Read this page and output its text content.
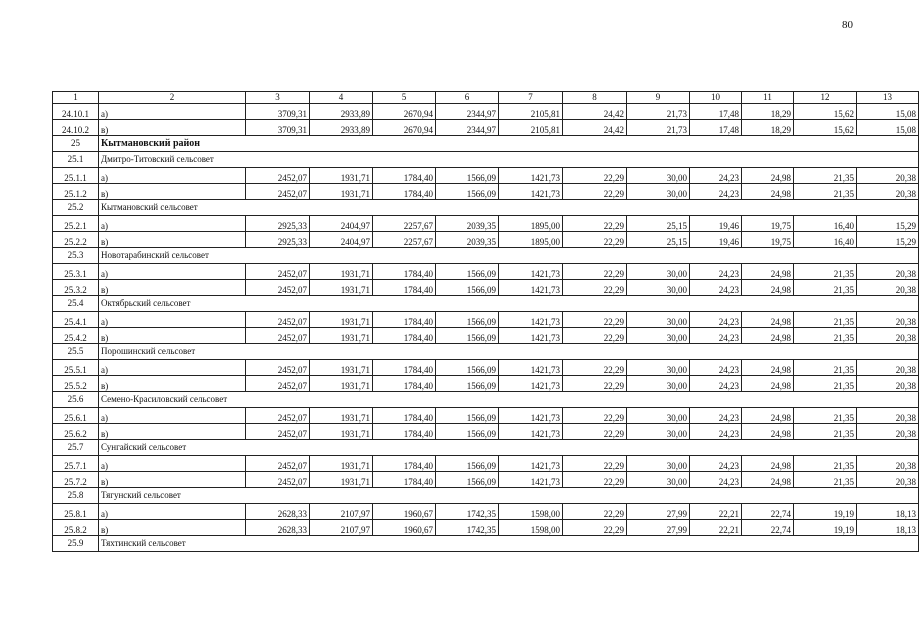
80
1	2	3	4	5	6	7	8	9	10	11	12	13
24.10.1	а)	3709,31	2933,89	2670,94	2344,97	2105,81	24,42	21,73	17,48	18,29	15,62	15,08
24.10.2	в)	3709,31	2933,89	2670,94	2344,97	2105,81	24,42	21,73	17,48	18,29	15,62	15,08
25	Кытмановский район											
25.1	Дмитро-Титовский сельсовет											
25.1.1	а)	2452,07	1931,71	1784,40	1566,09	1421,73	22,29	30,00	24,23	24,98	21,35	20,38
25.1.2	в)	2452,07	1931,71	1784,40	1566,09	1421,73	22,29	30,00	24,23	24,98	21,35	20,38
25.2	Кытмановский сельсовет											
25.2.1	а)	2925,33	2404,97	2257,67	2039,35	1895,00	22,29	25,15	19,46	19,75	16,40	15,29
25.2.2	в)	2925,33	2404,97	2257,67	2039,35	1895,00	22,29	25,15	19,46	19,75	16,40	15,29
25.3	Новотарабинский сельсовет											
25.3.1	а)	2452,07	1931,71	1784,40	1566,09	1421,73	22,29	30,00	24,23	24,98	21,35	20,38
25.3.2	в)	2452,07	1931,71	1784,40	1566,09	1421,73	22,29	30,00	24,23	24,98	21,35	20,38
25.4	Октябрьский сельсовет											
25.4.1	а)	2452,07	1931,71	1784,40	1566,09	1421,73	22,29	30,00	24,23	24,98	21,35	20,38
25.4.2	в)	2452,07	1931,71	1784,40	1566,09	1421,73	22,29	30,00	24,23	24,98	21,35	20,38
25.5	Порошинский сельсовет											
25.5.1	а)	2452,07	1931,71	1784,40	1566,09	1421,73	22,29	30,00	24,23	24,98	21,35	20,38
25.5.2	в)	2452,07	1931,71	1784,40	1566,09	1421,73	22,29	30,00	24,23	24,98	21,35	20,38
25.6	Семено-Красиловский сельсовет											
25.6.1	а)	2452,07	1931,71	1784,40	1566,09	1421,73	22,29	30,00	24,23	24,98	21,35	20,38
25.6.2	в)	2452,07	1931,71	1784,40	1566,09	1421,73	22,29	30,00	24,23	24,98	21,35	20,38
25.7	Сунгайский сельсовет											
25.7.1	а)	2452,07	1931,71	1784,40	1566,09	1421,73	22,29	30,00	24,23	24,98	21,35	20,38
25.7.2	в)	2452,07	1931,71	1784,40	1566,09	1421,73	22,29	30,00	24,23	24,98	21,35	20,38
25.8	Тягунский сельсовет											
25.8.1	а)	2628,33	2107,97	1960,67	1742,35	1598,00	22,29	27,99	22,21	22,74	19,19	18,13
25.8.2	в)	2628,33	2107,97	1960,67	1742,35	1598,00	22,29	27,99	22,21	22,74	19,19	18,13
25.9	Тяхтинский сельсовет											
